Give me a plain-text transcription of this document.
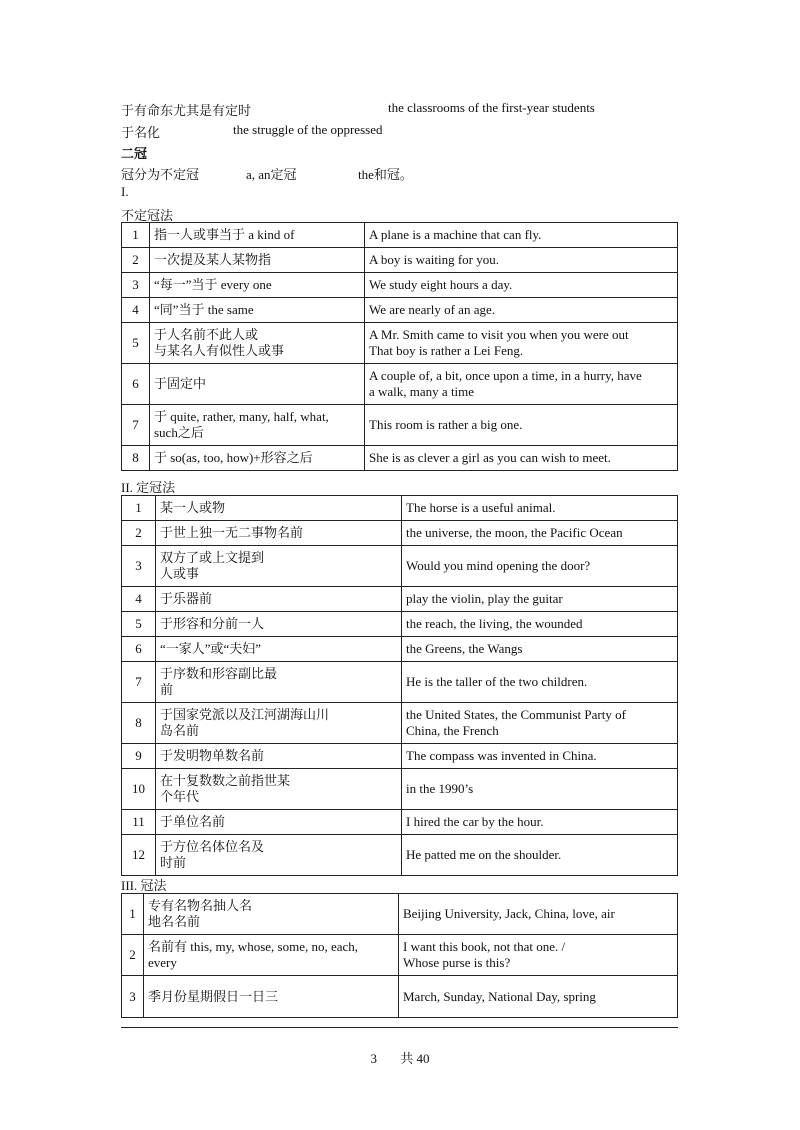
于有命东尤其是有定时	the classrooms of the first-year students
于名化	the struggle of the oppressed
二冠
冠分为不定冠	a, an定冠	the和冠。
I.
不定冠法
1	指一人或事当于 a kind of	A plane is a machine that can fly.
2	一次提及某人某物指	A boy is waiting for you.
3	“每一”当于 every one	We study eight hours a day.
4	“同”当于 the same	We are nearly of an age.
5	于人名前不此人或
与某名人有似性人或事	A Mr. Smith came to visit you when you were out
That boy is rather a Lei Feng.
6	于固定中	A couple of, a bit, once upon a time, in a hurry, have
a walk, many a time
7	于 quite, rather, many, half, what,
such之后	This room is rather a big one.
8	于 so(as, too, how)+形容之后	She is as clever a girl as you can wish to meet.
II. 定冠法
1	某一人或物	The horse is a useful animal.
2	于世上独一无二事物名前	the universe, the moon, the Pacific Ocean
3	双方了或上文提到
人或事	Would you mind opening the door?
4	于乐器前	play the violin, play the guitar
5	于形容和分前一人	the reach, the living, the wounded
6	“一家人”或“夫妇”	the Greens, the Wangs
7	于序数和形容副比最
前	He is the taller of the two children.
8	于国家党派以及江河湖海山川
岛名前	the United States, the Communist Party of
China, the French
9	于发明物单数名前	The compass was invented in China.
10	在十复数数之前指世某
个年代	in the 1990’s
11	于单位名前	I hired the car by the hour.
12	于方位名体位名及
时前	He patted me on the shoulder.
III. 冠法
1	专有名物名抽人名
地名名前	Beijing University, Jack, China, love, air
2	名前有 this, my, whose, some, no, each,
every	I want this book, not that one. /
Whose purse is this?
3	季月份星期假日一日三	March, Sunday, National Day, spring
3 共 40
